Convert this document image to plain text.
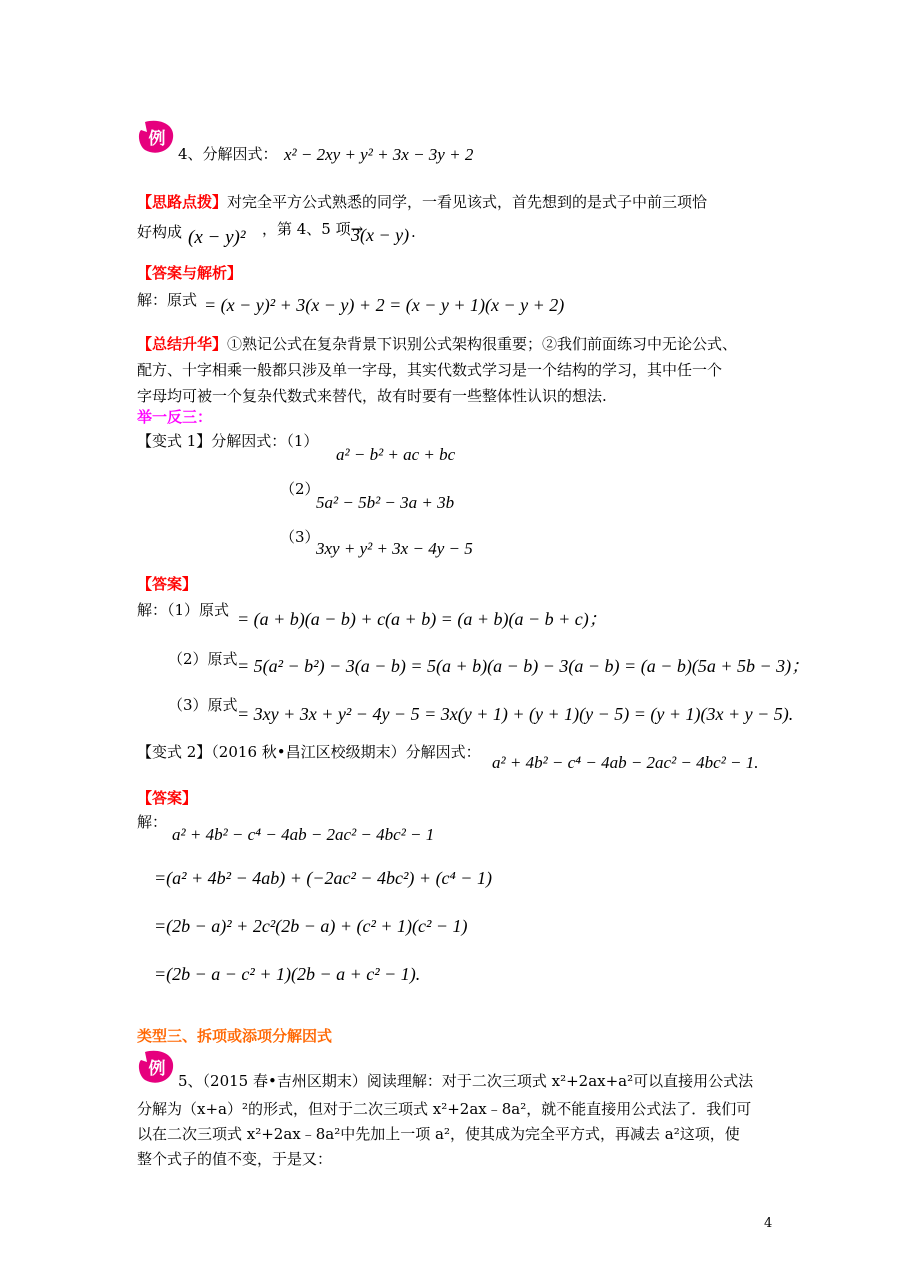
例
4、分解因式： x² − 2xy + y² + 3x − 3y + 2
【思路点拨】对完全平方公式熟悉的同学，一看见该式，首先想到的是式子中前三项恰
好构成 (x − y)² ，第 4、5 项→
3(x − y) .
【答案与解析】
解：原式 = (x − y)² + 3(x − y) + 2 = (x − y + 1)(x − y + 2)
【总结升华】①熟记公式在复杂背景下识别公式架构很重要；②我们前面练习中无论公式、
配方、十字相乘一般都只涉及单一字母，其实代数式学习是一个结构的学习，其中任一个
字母均可被一个复杂代数式来替代，故有时要有一些整体性认识的想法.
举一反三：
【变式 1】分解因式：（1）
a² − b² + ac + bc
（2）
5a² − 5b² − 3a + 3b
（3）
3xy + y² + 3x − 4y − 5
【答案】
解：（1）原式 = (a + b)(a − b) + c(a + b) = (a + b)(a − b + c)；
（2）原式 = 5(a² − b²) − 3(a − b) = 5(a + b)(a − b) − 3(a − b) = (a − b)(5a + 5b − 3)；
（3）原式 = 3xy + 3x + y² − 4y − 5 = 3x(y + 1) + (y + 1)(y − 5) = (y + 1)(3x + y − 5).
【变式 2】（2016 秋•昌江区校级期末）分解因式：
a² + 4b² − c⁴ − 4ab − 2ac² − 4bc² − 1.
【答案】
解：
a² + 4b² − c⁴ − 4ab − 2ac² − 4bc² − 1
=(a² + 4b² − 4ab) + (−2ac² − 4bc²) + (c⁴ − 1)
=(2b − a)² + 2c²(2b − a) + (c² + 1)(c² − 1)
=(2b − a − c² + 1)(2b − a + c² − 1).
类型三、拆项或添项分解因式
例
5、（2015 春•吉州区期末）阅读理解：对于二次三项式 x²+2ax+a²可以直接用公式法
分解为（x+a）²的形式，但对于二次三项式 x²+2ax﹣8a²，就不能直接用公式法了．我们可
以在二次三项式 x²+2ax﹣8a²中先加上一项 a²，使其成为完全平方式，再减去 a²这项，使
整个式子的值不变，于是又：
4
